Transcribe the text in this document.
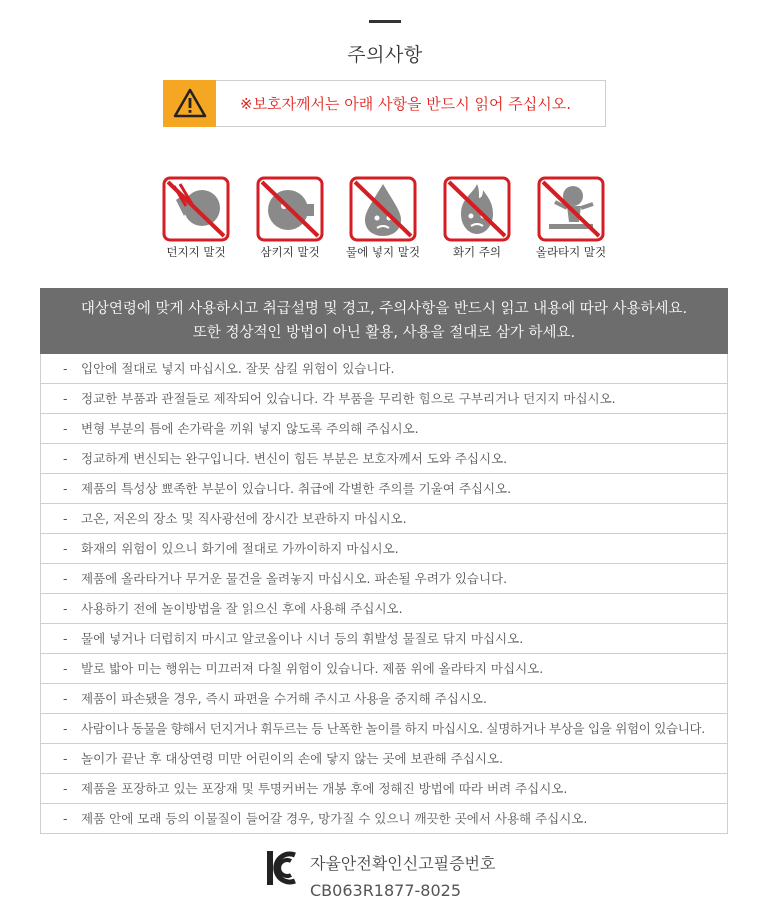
주의사항
※보호자께서는 아래 사항을 반드시 읽어 주십시오.
던지지 말것	삼키지 말것	물에 넣지 말것	화기 주의	올라타지 말것
대상연령에 맞게 사용하시고 취급설명 및 경고, 주의사항을 반드시 읽고 내용에 따라 사용하세요.
또한 정상적인 방법이 아닌 활용, 사용을 절대로 삼가 하세요.
- 입안에 절대로 넣지 마십시오. 잘못 삼킬 위험이 있습니다.
- 정교한 부품과 관절들로 제작되어 있습니다. 각 부품을 무리한 힘으로 구부리거나 던지지 마십시오.
- 변형 부분의 틈에 손가락을 끼워 넣지 않도록 주의해 주십시오.
- 정교하게 변신되는 완구입니다. 변신이 힘든 부분은 보호자께서 도와 주십시오.
- 제품의 특성상 뾰족한 부분이 있습니다. 취급에 각별한 주의를 기울여 주십시오.
- 고온, 저온의 장소 및 직사광선에 장시간 보관하지 마십시오.
- 화재의 위험이 있으니 화기에 절대로 가까이하지 마십시오.
- 제품에 올라타거나 무거운 물건을 올려놓지 마십시오. 파손될 우려가 있습니다.
- 사용하기 전에 놀이방법을 잘 읽으신 후에 사용해 주십시오.
- 물에 넣거나 더럽히지 마시고 알코올이나 시너 등의 휘발성 물질로 닦지 마십시오.
- 발로 밟아 미는 행위는 미끄러져 다칠 위험이 있습니다. 제품 위에 올라타지 마십시오.
- 제품이 파손됐을 경우, 즉시 파편을 수거해 주시고 사용을 중지해 주십시오.
- 사람이나 동물을 향해서 던지거나 휘두르는 등 난폭한 놀이를 하지 마십시오. 실명하거나 부상을 입을 위험이 있습니다.
- 놀이가 끝난 후 대상연령 미만 어린이의 손에 닿지 않는 곳에 보관해 주십시오.
- 제품을 포장하고 있는 포장재 및 투명커버는 개봉 후에 정해진 방법에 따라 버려 주십시오.
- 제품 안에 모래 등의 이물질이 들어갈 경우, 망가질 수 있으니 깨끗한 곳에서 사용해 주십시오.
자율안전확인신고필증번호
CB063R1877-8025
